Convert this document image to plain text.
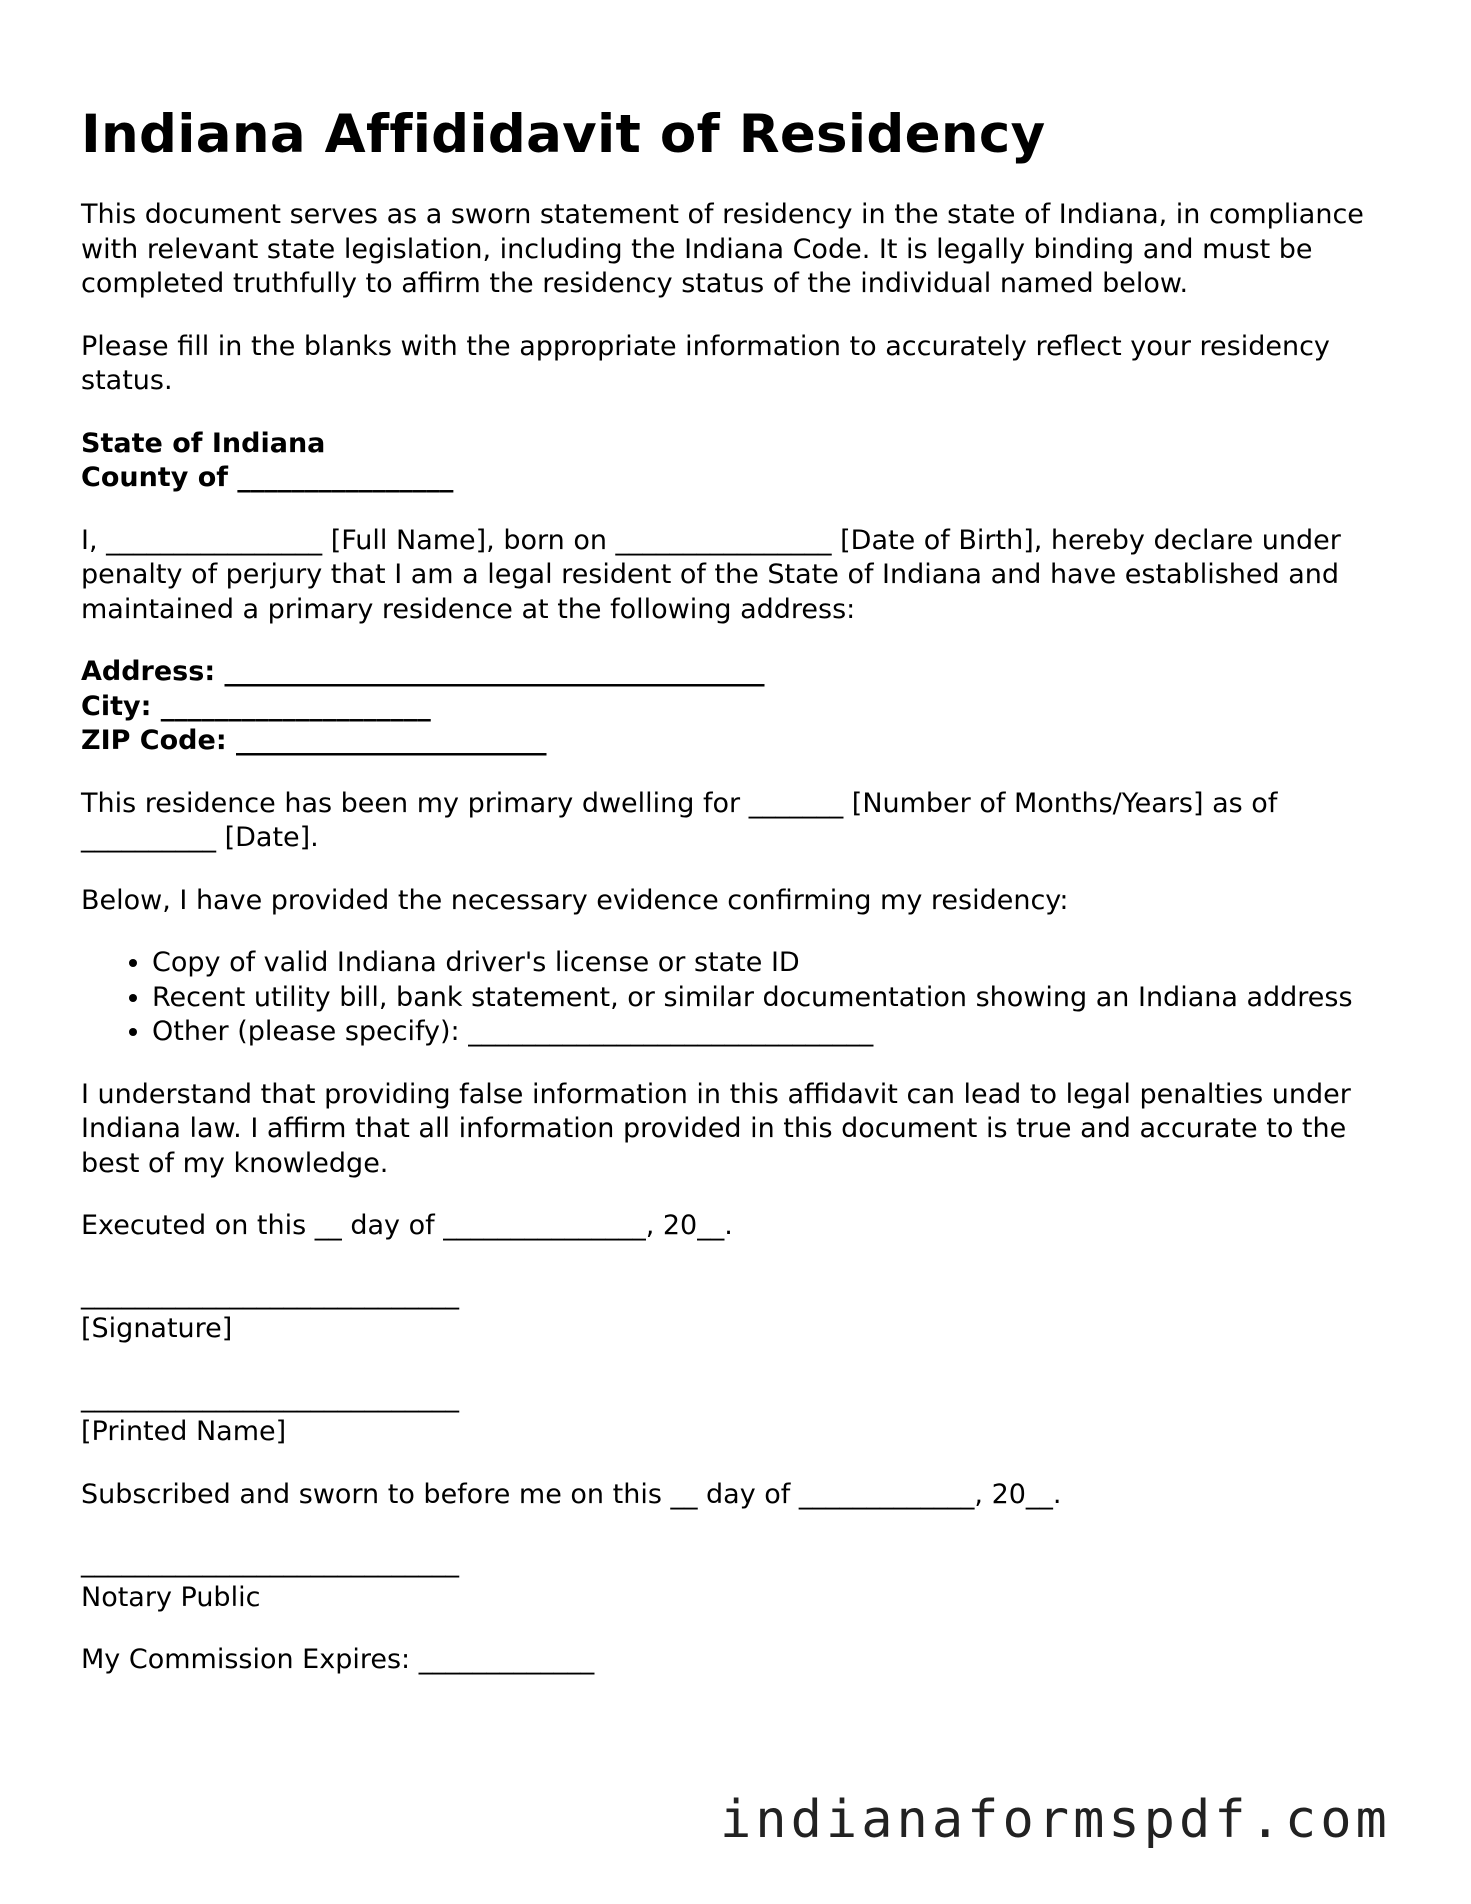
Indiana Affididavit of Residency

This document serves as a sworn statement of residency in the state of Indiana, in compliance with relevant state legislation, including the Indiana Code. It is legally binding and must be completed truthfully to affirm the residency status of the individual named below.

Please fill in the blanks with the appropriate information to accurately reflect your residency status.

State of Indiana
County of ________________

I, ________________ [Full Name], born on ________________ [Date of Birth], hereby declare under penalty of perjury that I am a legal resident of the State of Indiana and have established and maintained a primary residence at the following address:

Address: ________________________________________
City: ____________________
ZIP Code: _______________________

This residence has been my primary dwelling for _______ [Number of Months/Years] as of __________ [Date].

Below, I have provided the necessary evidence confirming my residency:

• Copy of valid Indiana driver's license or state ID
• Recent utility bill, bank statement, or similar documentation showing an Indiana address
• Other (please specify): ______________________________

I understand that providing false information in this affidavit can lead to legal penalties under Indiana law. I affirm that all information provided in this document is true and accurate to the best of my knowledge.

Executed on this __ day of _______________, 20__.

____________________________
[Signature]
____________________________
[Printed Name]

Subscribed and sworn to before me on this __ day of _____________, 20__.

____________________________
Notary Public

My Commission Expires: _____________

indianaformspdf.com
